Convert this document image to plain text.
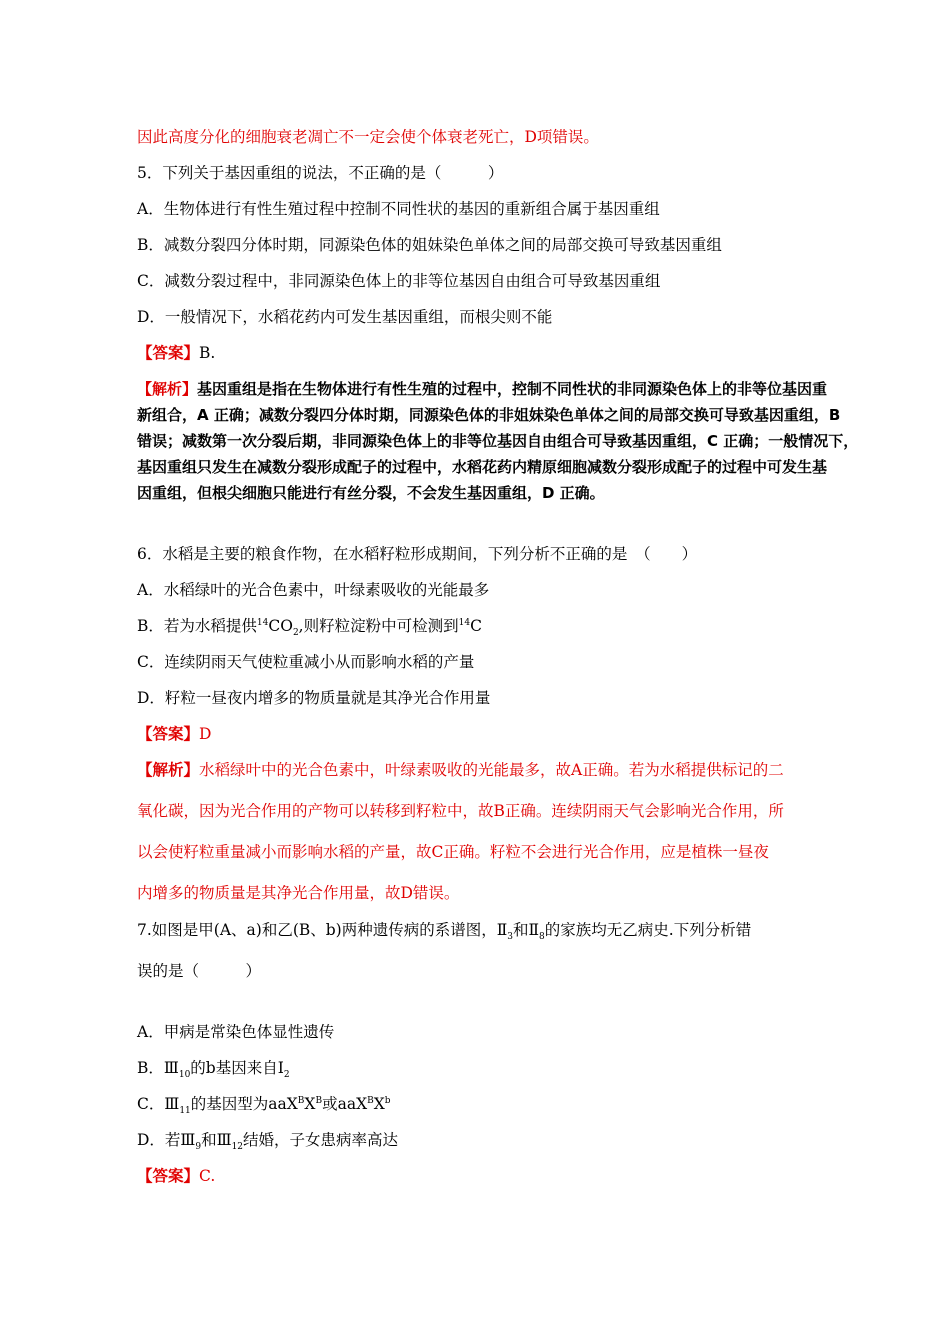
因此高度分化的细胞衰老凋亡不一定会使个体衰老死亡，D项错误。
5．下列关于基因重组的说法，不正确的是（　　　）
A．生物体进行有性生殖过程中控制不同性状的基因的重新组合属于基因重组
B．减数分裂四分体时期，同源染色体的姐妹染色单体之间的局部交换可导致基因重组
C．减数分裂过程中，非同源染色体上的非等位基因自由组合可导致基因重组
D．一般情况下，水稻花药内可发生基因重组，而根尖则不能
【答案】B.
【解析】基因重组是指在生物体进行有性生殖的过程中，控制不同性状的非同源染色体上的非等位基因重
新组合，A 正确；减数分裂四分体时期，同源染色体的非姐妹染色单体之间的局部交换可导致基因重组，B
错误；减数第一次分裂后期，非同源染色体上的非等位基因自由组合可导致基因重组，C 正确；一般情况下，
基因重组只发生在减数分裂形成配子的过程中，水稻花药内精原细胞减数分裂形成配子的过程中可发生基
因重组，但根尖细胞只能进行有丝分裂，不会发生基因重组，D 正确。
6．水稻是主要的粮食作物，在水稻籽粒形成期间，下列分析不正确的是　（　　）
A．水稻绿叶的光合色素中，叶绿素吸收的光能最多
B．若为水稻提供$^{14}CO_2$,则籽粒淀粉中可检测到$^{14}$C
C．连续阴雨天气使粒重减小从而影响水稻的产量
D．籽粒一昼夜内增多的物质量就是其净光合作用量
【答案】D
【解析】水稻绿叶中的光合色素中，叶绿素吸收的光能最多，故A正确。若为水稻提供标记的二
氧化碳，因为光合作用的产物可以转移到籽粒中，故B正确。连续阴雨天气会影响光合作用，所
以会使籽粒重量减小而影响水稻的产量，故C正确。籽粒不会进行光合作用，应是植株一昼夜
内增多的物质量是其净光合作用量，故D错误。
7.如图是甲(A、a)和乙(B、b)两种遗传病的系谱图，$Ⅱ_3$和$Ⅱ_8$的家族均无乙病史.下列分析错
误的是（　　　）
A．甲病是常染色体显性遗传
B．$Ⅲ_{10}$的b基因来自$Ⅰ_2$
C．$Ⅲ_{11}$的基因型为$aaX^BX^B$或$aaX^BX^b$
D．若$Ⅲ_9$和$Ⅲ_{12}$结婚，子女患病率高达
【答案】C.
